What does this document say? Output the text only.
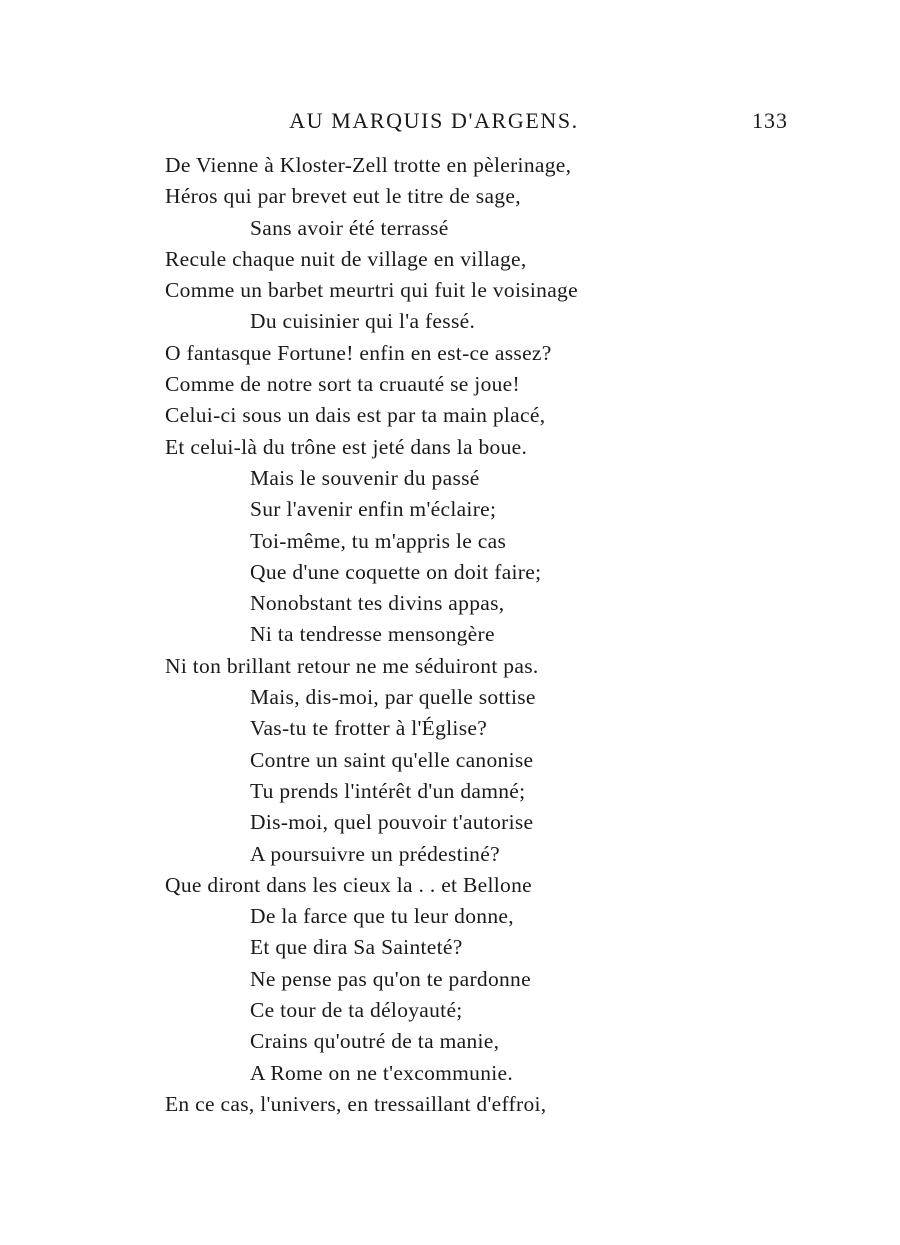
AU MARQUIS D'ARGENS.	133
De Vienne à Kloster-Zell trotte en pèlerinage,
Héros qui par brevet eut le titre de sage,
Sans avoir été terrassé
Recule chaque nuit de village en village,
Comme un barbet meurtri qui fuit le voisinage
Du cuisinier qui l'a fessé.
O fantasque Fortune! enfin en est-ce assez?
Comme de notre sort ta cruauté se joue!
Celui-ci sous un dais est par ta main placé,
Et celui-là du trône est jeté dans la boue.
Mais le souvenir du passé
Sur l'avenir enfin m'éclaire;
Toi-même, tu m'appris le cas
Que d'une coquette on doit faire;
Nonobstant tes divins appas,
Ni ta tendresse mensongère
Ni ton brillant retour ne me séduiront pas.
Mais, dis-moi, par quelle sottise
Vas-tu te frotter à l'Église?
Contre un saint qu'elle canonise
Tu prends l'intérêt d'un damné;
Dis-moi, quel pouvoir t'autorise
A poursuivre un prédestiné?
Que diront dans les cieux la . . et Bellone
De la farce que tu leur donne,
Et que dira Sa Sainteté?
Ne pense pas qu'on te pardonne
Ce tour de ta déloyauté;
Crains qu'outré de ta manie,
A Rome on ne t'excommunie.
En ce cas, l'univers, en tressaillant d'effroi,
